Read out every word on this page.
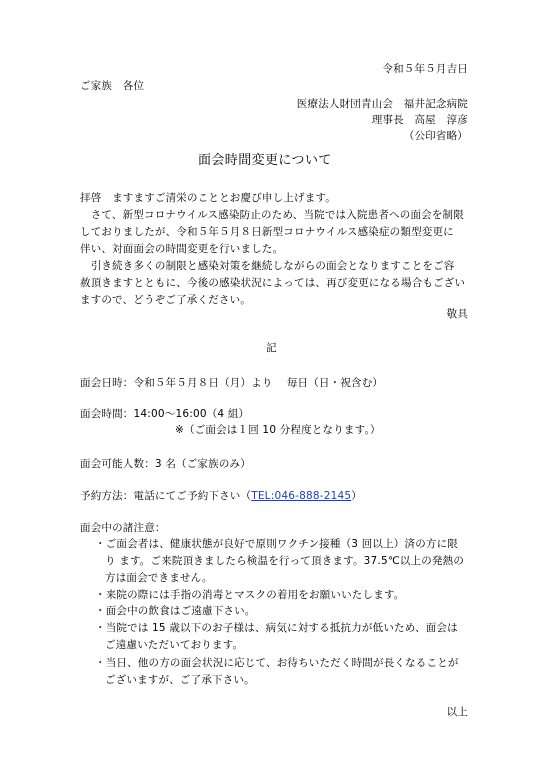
令和５年５月吉日
ご家族　各位
医療法人財団青山会　福井記念病院
理事長　高屋　淳彦
（公印省略）
面会時間変更について
拝啓　ますますご清栄のこととお慶び申し上げます。
　さて、新型コロナウイルス感染防止のため、当院では入院患者への面会を制限
しておりましたが、令和５年５月８日新型コロナウイルス感染症の類型変更に
伴い、対面面会の時間変更を行いました。
　引き続き多くの制限と感染対策を継続しながらの面会となりますことをご容
赦頂きますとともに、今後の感染状況によっては、再び変更になる場合もござい
ますので、どうぞご了承ください。
敬具
記
面会日時：令和５年５月８日（月）より　 毎日（日・祝含む）
面会時間：14:00～16:00（4 組）
※（ご面会は１回 10 分程度となります。）
面会可能人数：3 名（ご家族のみ）
予約方法：電話にてご予約下さい（TEL:046-888-2145）
面会中の諸注意：
・ご面会者は、健康状態が良好で原則ワクチン接種（3 回以上）済の方に限
り ます。ご来院頂きましたら検温を行って頂きます。37.5℃以上の発熱の
方は面会できません。
・来院の際には手指の消毒とマスクの着用をお願いいたします。
・面会中の飲食はご遠慮下さい。
・当院では 15 歳以下のお子様は、病気に対する抵抗力が低いため、面会は
ご遠慮いただいております。
・当日、他の方の面会状況に応じて、お待ちいただく時間が長くなることが
ございますが、ご了承下さい。
以上
